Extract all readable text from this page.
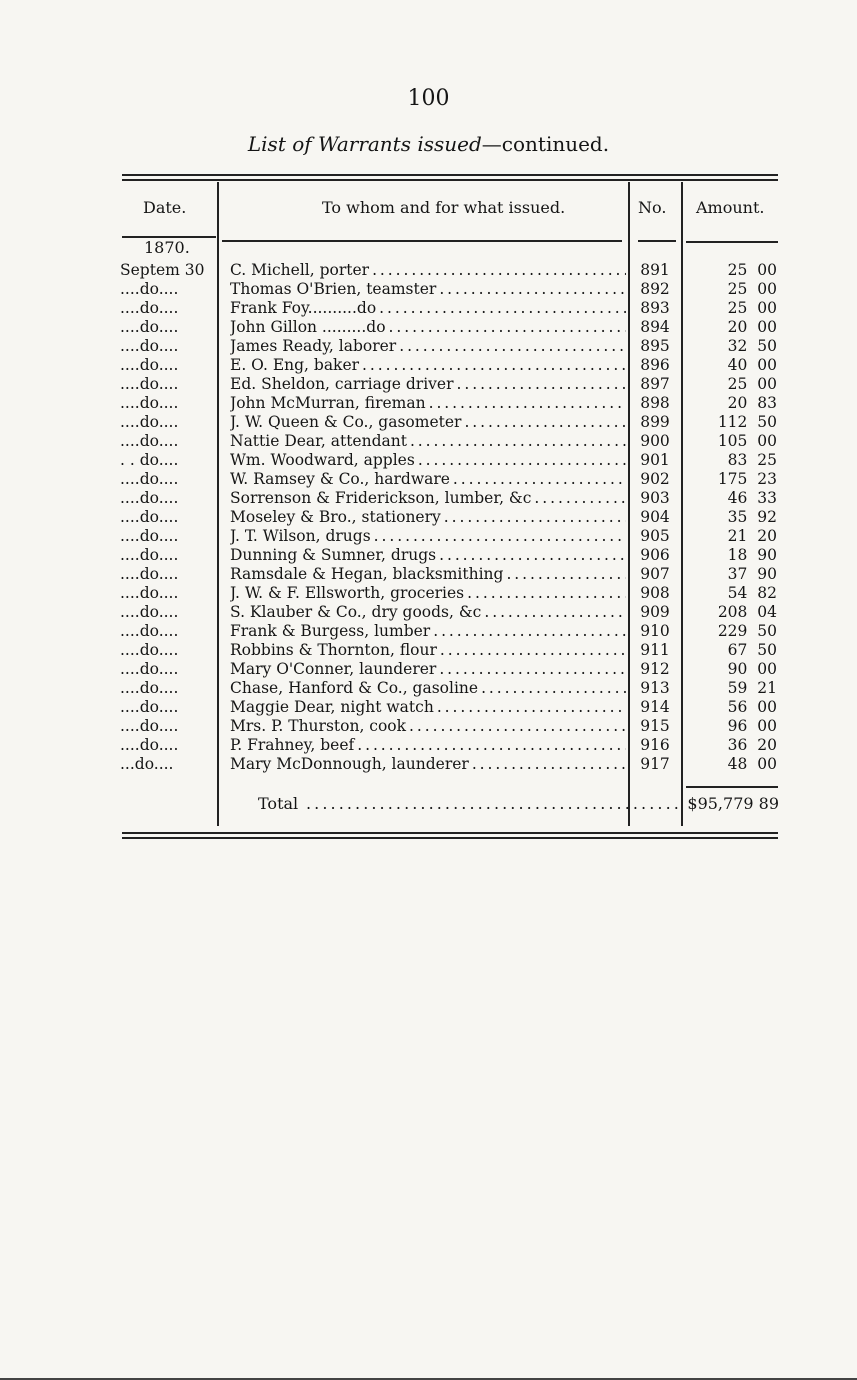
100
List of Warrants issued—continued.
Date.	To whom and for what issued.	No. Amount.
1870.
Septem 30	C. Michell, porter . . .	891	25 00
....do....	Thomas O'Brien, teamster . . .	892	25 00
....do....	Frank Foy..........do . . .	893	25 00
....do....	John Gillon .........do . . .	894	20 00
....do....	James Ready, laborer . . .	895	32 50
....do....	E. O. Eng, baker . . .	896	40 00
....do....	Ed. Sheldon, carriage driver . . .	897	25 00
....do....	John McMurran, fireman . . .	898	20 83
....do....	J. W. Queen & Co., gasometer . . .	899	112 50
....do....	Nattie Dear, attendant . . .	900	105 00
. . do....	Wm. Woodward, apples . . .	901	83 25
....do....	W. Ramsey & Co., hardware . . .	902	175 23
....do....	Sorrenson & Friderickson, lumber, &c . . .	903	46 33
....do....	Moseley & Bro., stationery . . .	904	35 92
....do....	J. T. Wilson, drugs . . .	905	21 20
....do....	Dunning & Sumner, drugs . . .	906	18 90
....do....	Ramsdale & Hegan, blacksmithing . . .	907	37 90
....do....	J. W. & F. Ellsworth, groceries . . .	908	54 82
....do....	S. Klauber & Co., dry goods, &c . . .	909	208 04
....do....	Frank & Burgess, lumber . . .	910	229 50
....do....	Robbins & Thornton, flour . . .	911	67 50
....do....	Mary O'Conner, launderer . . .	912	90 00
....do....	Chase, Hanford & Co., gasoline . . .	913	59 21
....do....	Maggie Dear, night watch . . .	914	56 00
....do....	Mrs. P. Thurston, cook . . .	915	96 00
....do....	P. Frahney, beef . . .	916	36 20
...do....	Mary McDonnough, launderer . . .	917	48 00
Total . . .	$95,779 89
